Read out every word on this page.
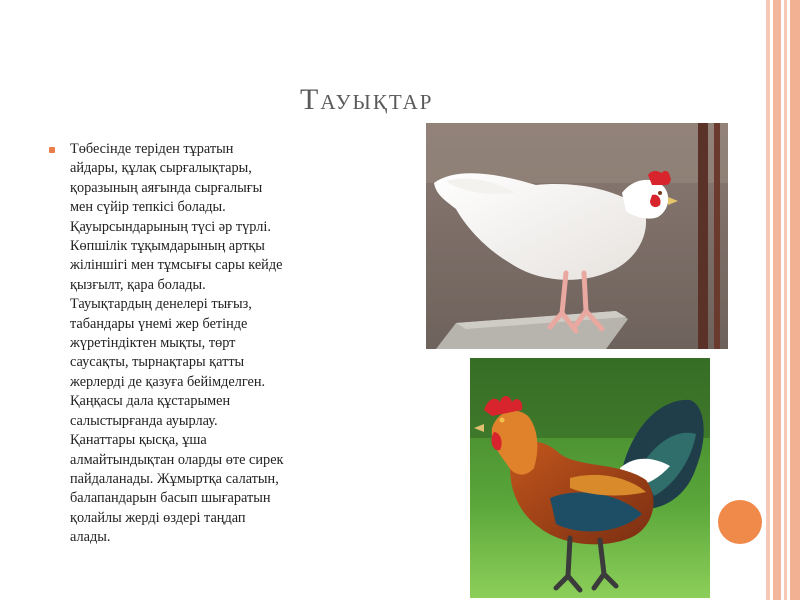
Тауықтар
Төбесінде теріден тұратын
айдары, құлақ сырғалықтары,
қоразының аяғында сырғалығы
мен сүйір тепкісі болады.
Қауырсындарының түсі әр түрлі.
Көпшілік тұқымдарының артқы
жіліншігі мен тұмсығы сары кейде
қызғылт, қара болады.
Тауықтардың денелері тығыз,
табандары үнемі жер бетінде
жүретіндіктен мықты, төрт
саусақты, тырнақтары қатты
жерлерді де қазуға бейімделген.
Қаңқасы дала құстарымен
салыстырғанда ауырлау.
Қанаттары қысқа, ұша
алмайтындықтан оларды өте сирек
пайдаланады. Жұмыртқа салатын,
балапандарын басып шығаратын
қолайлы жерді өздері таңдап
алады.
